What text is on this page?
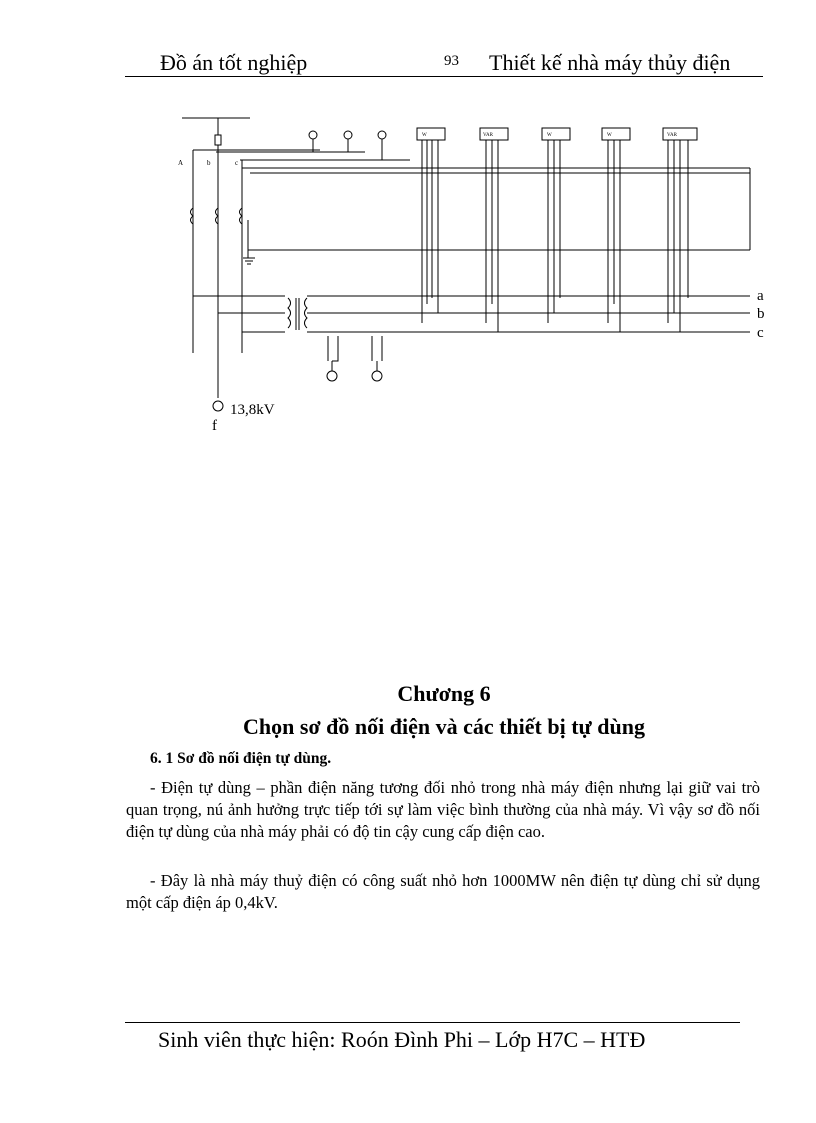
Đồ án tốt nghiệp	93 Thiết kế nhà máy thủy điện
A	b	c
W	VAR	W	W	VAR
a
b
c
13,8kV
f
Chương 6
Chọn sơ đồ nối điện và các thiết bị tự dùng
6. 1 Sơ đồ nối điện tự dùng.

- Điện tự dùng – phần điện năng tương đối nhỏ trong nhà máy điện nhưng lại giữ vai trò quan trọng, nú ảnh hưởng trực tiếp tới sự làm việc bình thường của nhà máy. Vì vậy sơ đồ nối điện tự dùng của nhà máy phải có độ tin cậy cung cấp điện cao.

- Đây là nhà máy thuỷ điện có công suất nhỏ hơn 1000MW nên điện tự dùng chỉ sử dụng một cấp điện áp 0,4kV.

Sinh viên thực hiện: Roón Đình Phi – Lớp H7C – HTĐ
